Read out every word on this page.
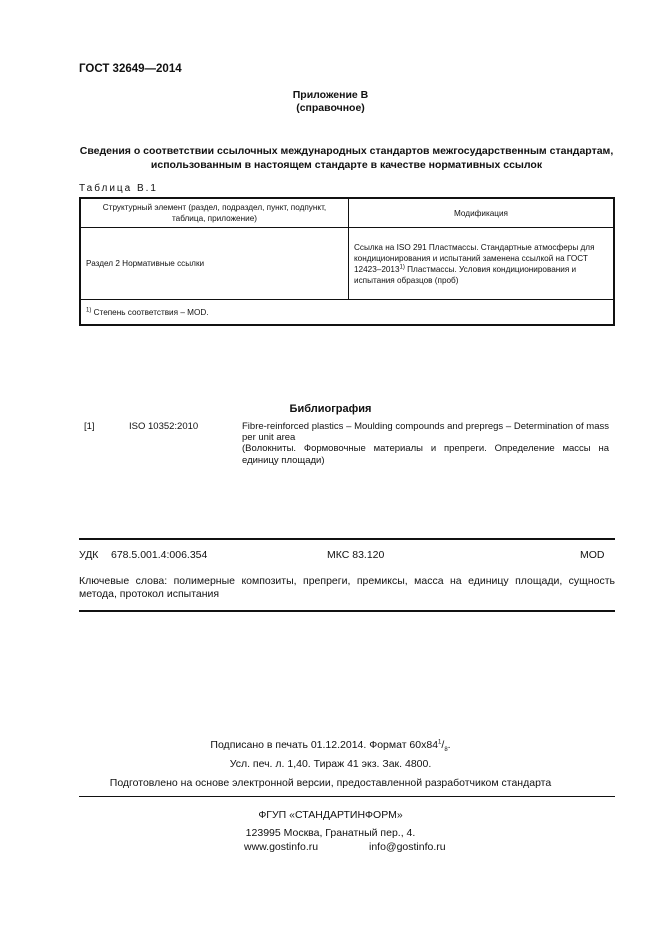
ГОСТ 32649—2014
Приложение В
(справочное)
Сведения о соответствии ссылочных международных стандартов межгосударственным стандартам, использованным в настоящем стандарте в качестве нормативных ссылок
Таблица В.1
Структурный элемент (раздел, подраздел, пункт, подпункт, таблица, приложение)	Модификация
Раздел 2 Нормативные ссылки	Ссылка на ISO 291 Пластмассы. Стандартные атмосферы для кондиционирования и испытаний заменена ссылкой на ГОСТ 12423–2013$^{1)}$ Пластмассы. Условия кондиционирования и испытания образцов (проб)
$^{1)}$ Степень соответствия – MOD.	
Библиография
[1]	ISO 10352:2010	Fibre-reinforced plastics – Moulding compounds and prepregs – Determination of mass per unit area
(Волокниты. Формовочные материалы и препреги. Определение массы на единицу площади)
УДК 678.5.001.4:006.354	МКС 83.120	MOD
Ключевые слова: полимерные композиты, препреги, премиксы, масса на единицу площади, сущность метода, протокол испытания
Подписано в печать 01.12.2014. Формат $60х84^1/_8$.
Усл. печ. л. 1,40. Тираж 41 экз. Зак. 4800.
Подготовлено на основе электронной версии, предоставленной разработчиком стандарта
ФГУП «СТАНДАРТИНФОРМ»
123995 Москва, Гранатный пер., 4.
www.gostinfo.ru	info@gostinfo.ru
